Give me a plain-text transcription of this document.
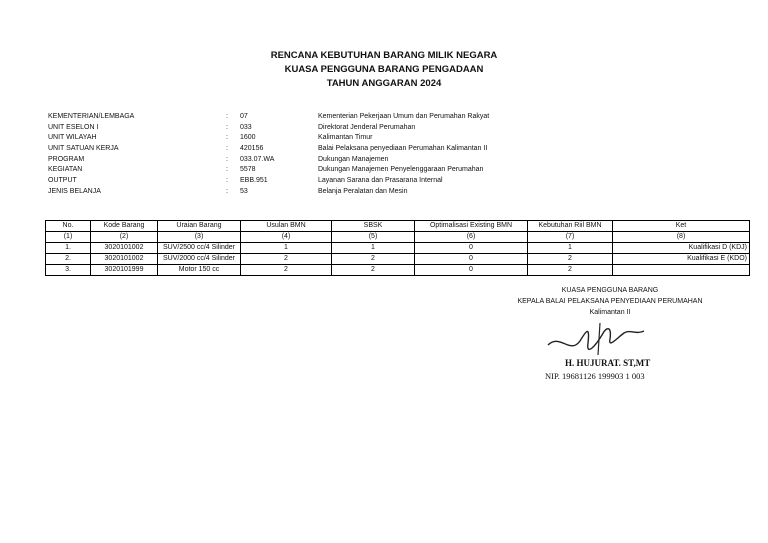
RENCANA KEBUTUHAN BARANG MILIK NEGARA
KUASA PENGGUNA BARANG PENGADAAN
TAHUN ANGGARAN 2024
KEMENTERIAN/LEMBAGA	:	07	Kementerian Pekerjaan Umum dan Perumahan Rakyat
UNIT ESELON I	:	033	Direktorat Jenderal Perumahan
UNIT WILAYAH	:	1600	Kalimantan Timur
UNIT SATUAN KERJA	:	420156	Balai Pelaksana penyediaan Perumahan Kalimantan II
PROGRAM	:	033.07.WA	Dukungan Manajemen
KEGIATAN	:	5578	Dukungan Manajemen Penyelenggaraan Perumahan
OUTPUT	:	EBB.951	Layanan Sarana dan Prasarana Internal
JENIS BELANJA	:	53	Belanja Peralatan dan Mesin
No.	Kode Barang	Uraian Barang	Usulan BMN	SBSK	Optimalisasi Existing BMN	Kebutuhan Riil BMN	Ket
(1)	(2)	(3)	(4)	(5)	(6)	(7)	(8)
1.	3020101002	SUV/2500 cc/4 Silinder	1	1	0	1	Kualifikasi D (KDJ)
2.	3020101002	SUV/2000 cc/4 Silinder	2	2	0	2	Kualifikasi E (KDO)
3.	3020101999	Motor 150 cc	2	2	0	2	
KUASA PENGGUNA BARANG
KEPALA BALAI PELAKSANA PENYEDIAAN PERUMAHAN
Kalimantan II
H. HUJURAT. ST,MT
NIP. 19681126 199903 1 003
